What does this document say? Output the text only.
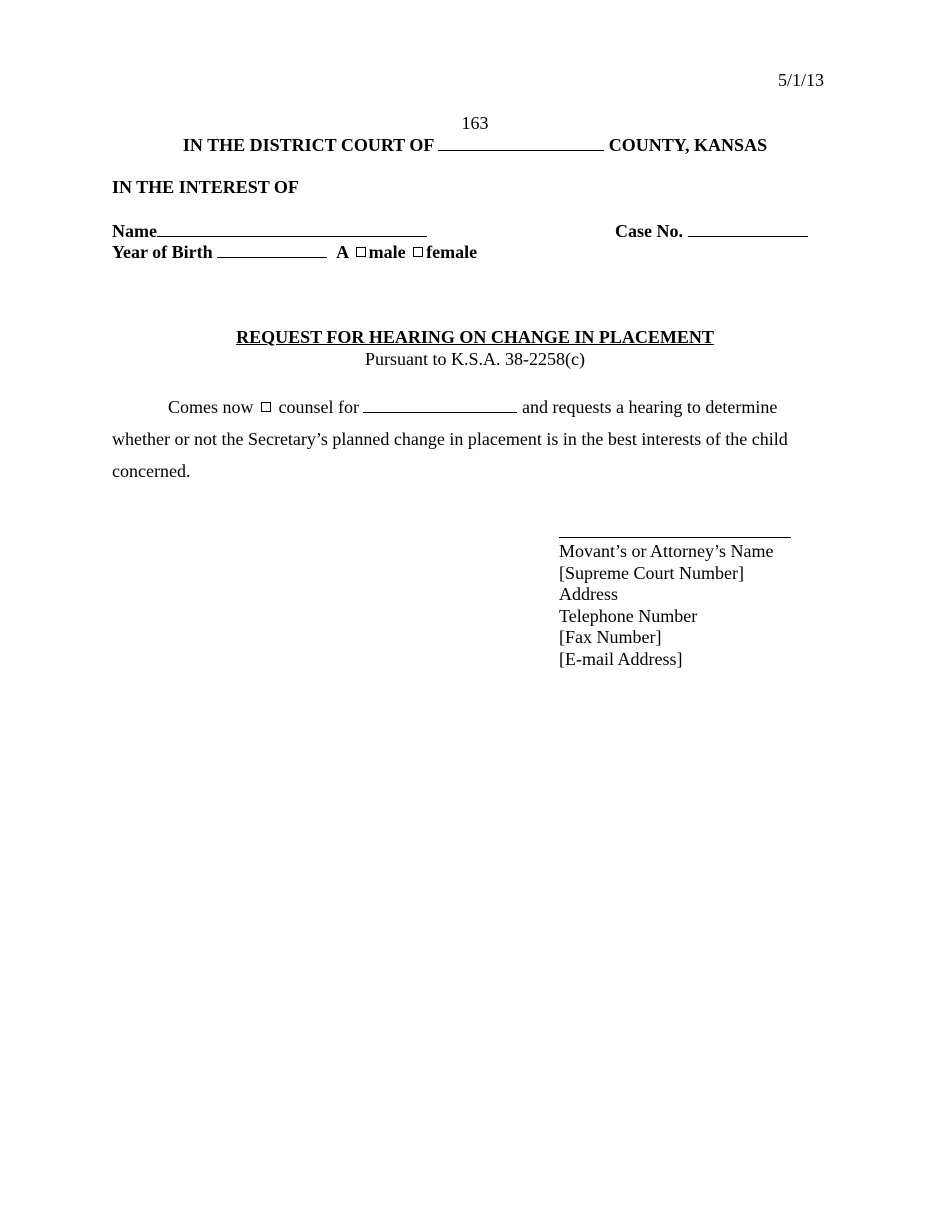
5/1/13
163
IN THE DISTRICT COURT OF	COUNTY, KANSAS
IN THE INTEREST OF
Name	Case No.
Year of Birth	A male female
REQUEST FOR HEARING ON CHANGE IN PLACEMENT
Pursuant to K.S.A. 38-2258(c)
Comes now counsel for	and requests a hearing to determine whether or not the Secretary’s planned change in placement is in the best interests of the child concerned.
Movant’s or Attorney’s Name
[Supreme Court Number]
Address
Telephone Number
[Fax Number]
[E-mail Address]
